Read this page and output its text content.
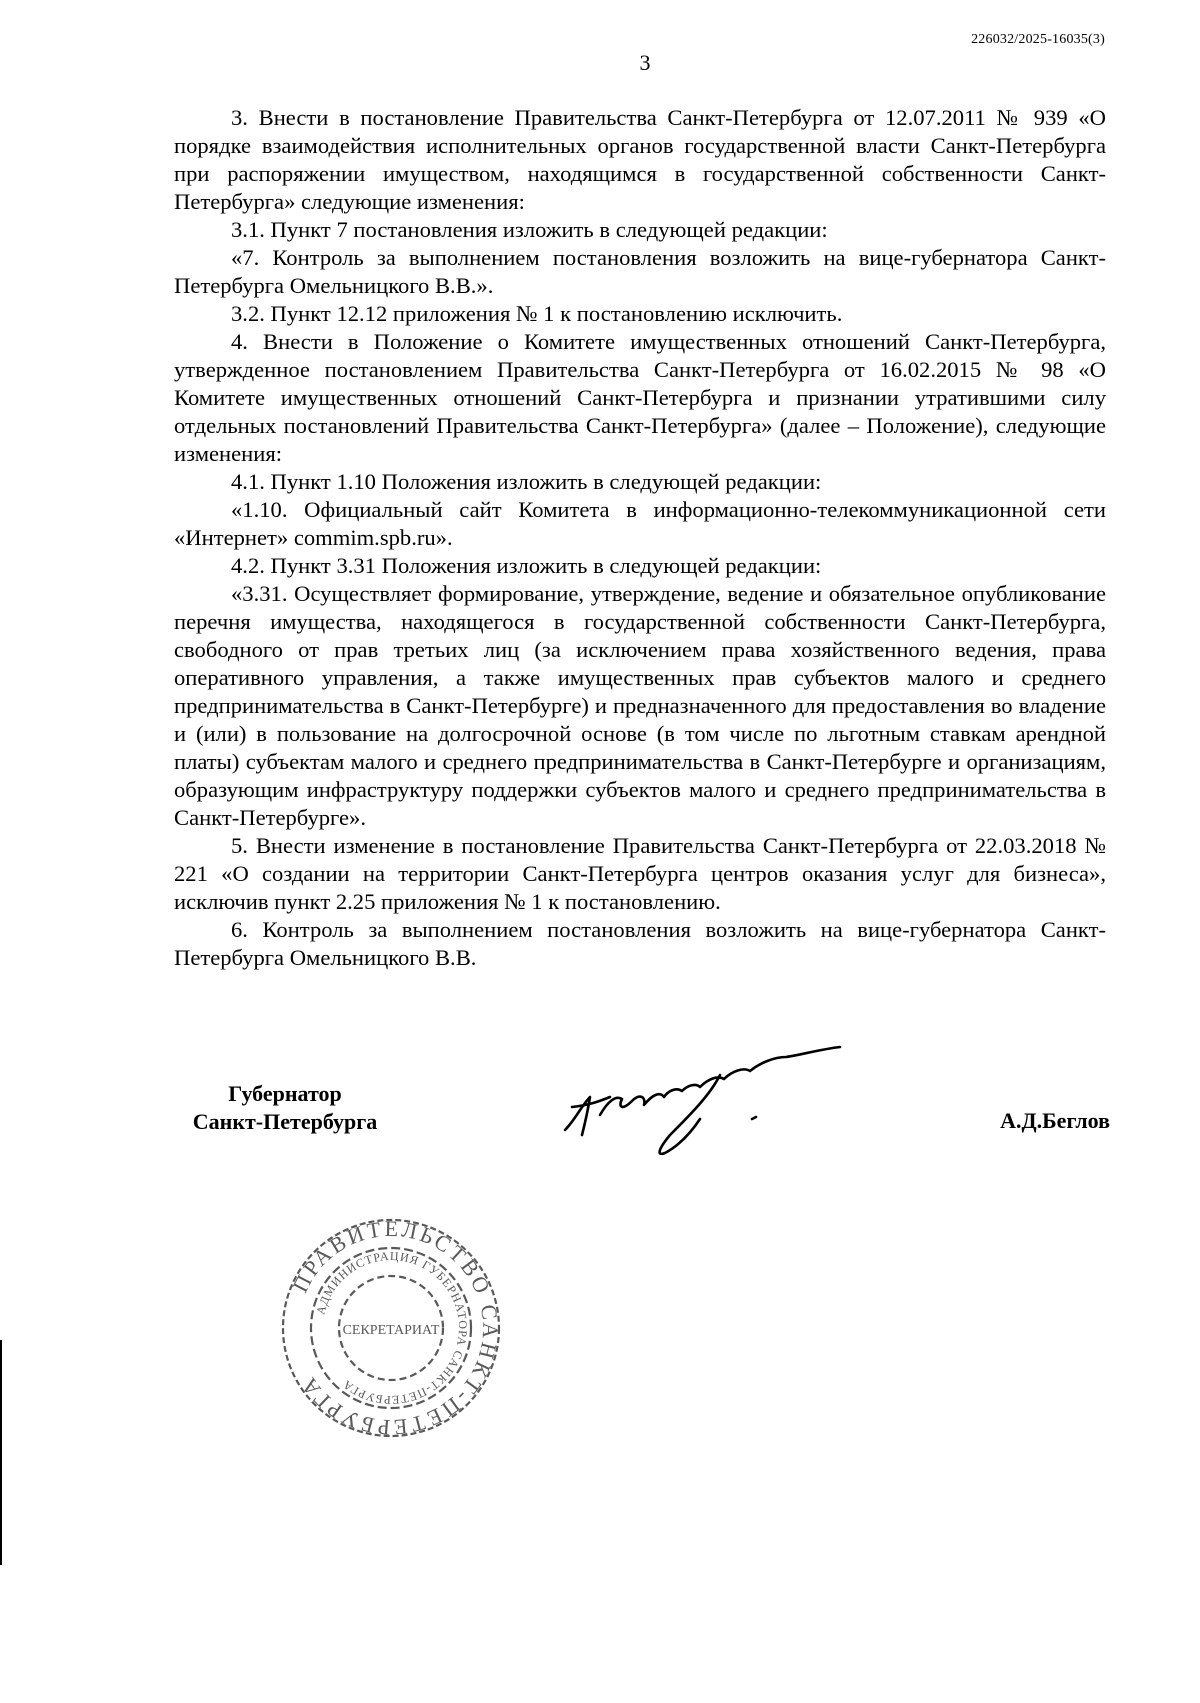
226032/2025-16035(3)
3

3. Внести в постановление Правительства Санкт-Петербурга от 12.07.2011 № 939 «О порядке взаимодействия исполнительных органов государственной власти Санкт-Петербурга при распоряжении имуществом, находящимся в государственной собственности Санкт-Петербурга» следующие изменения:

3.1. Пункт 7 постановления изложить в следующей редакции:

«7. Контроль за выполнением постановления возложить на вице-губернатора Санкт-Петербурга Омельницкого В.В.».

3.2. Пункт 12.12 приложения № 1 к постановлению исключить.

4. Внести в Положение о Комитете имущественных отношений Санкт-Петербурга, утвержденное постановлением Правительства Санкт-Петербурга от 16.02.2015 № 98 «О Комитете имущественных отношений Санкт-Петербурга и признании утратившими силу отдельных постановлений Правительства Санкт-Петербурга» (далее – Положение), следующие изменения:

4.1. Пункт 1.10 Положения изложить в следующей редакции:

«1.10. Официальный сайт Комитета в информационно-телекоммуникационной сети «Интернет» commim.spb.ru».

4.2. Пункт 3.31 Положения изложить в следующей редакции:

«3.31. Осуществляет формирование, утверждение, ведение и обязательное опубликование перечня имущества, находящегося в государственной собственности Санкт-Петербурга, свободного от прав третьих лиц (за исключением права хозяйственного ведения, права оперативного управления, а также имущественных прав субъектов малого и среднего предпринимательства в Санкт-Петербурге) и предназначенного для предоставления во владение и (или) в пользование на долгосрочной основе (в том числе по льготным ставкам арендной платы) субъектам малого и среднего предпринимательства в Санкт-Петербурге и организациям, образующим инфраструктуру поддержки субъектов малого и среднего предпринимательства в Санкт-Петербурге».

5. Внести изменение в постановление Правительства Санкт-Петербурга от 22.03.2018 № 221 «О создании на территории Санкт-Петербурга центров оказания услуг для бизнеса», исключив пункт 2.25 приложения № 1 к постановлению.

6. Контроль за выполнением постановления возложить на вице-губернатора Санкт-Петербурга Омельницкого В.В.

Губернатор
Санкт-Петербурга	А.Д.Беглов
ПРАВИТЕЛЬСТВО САНКТ-ПЕТЕРБУРГА
АДМИНИСТРАЦИЯ ГУБЕРНАТОРА САНКТ-ПЕТЕРБУРГА
СЕКРЕТАРИАТ
